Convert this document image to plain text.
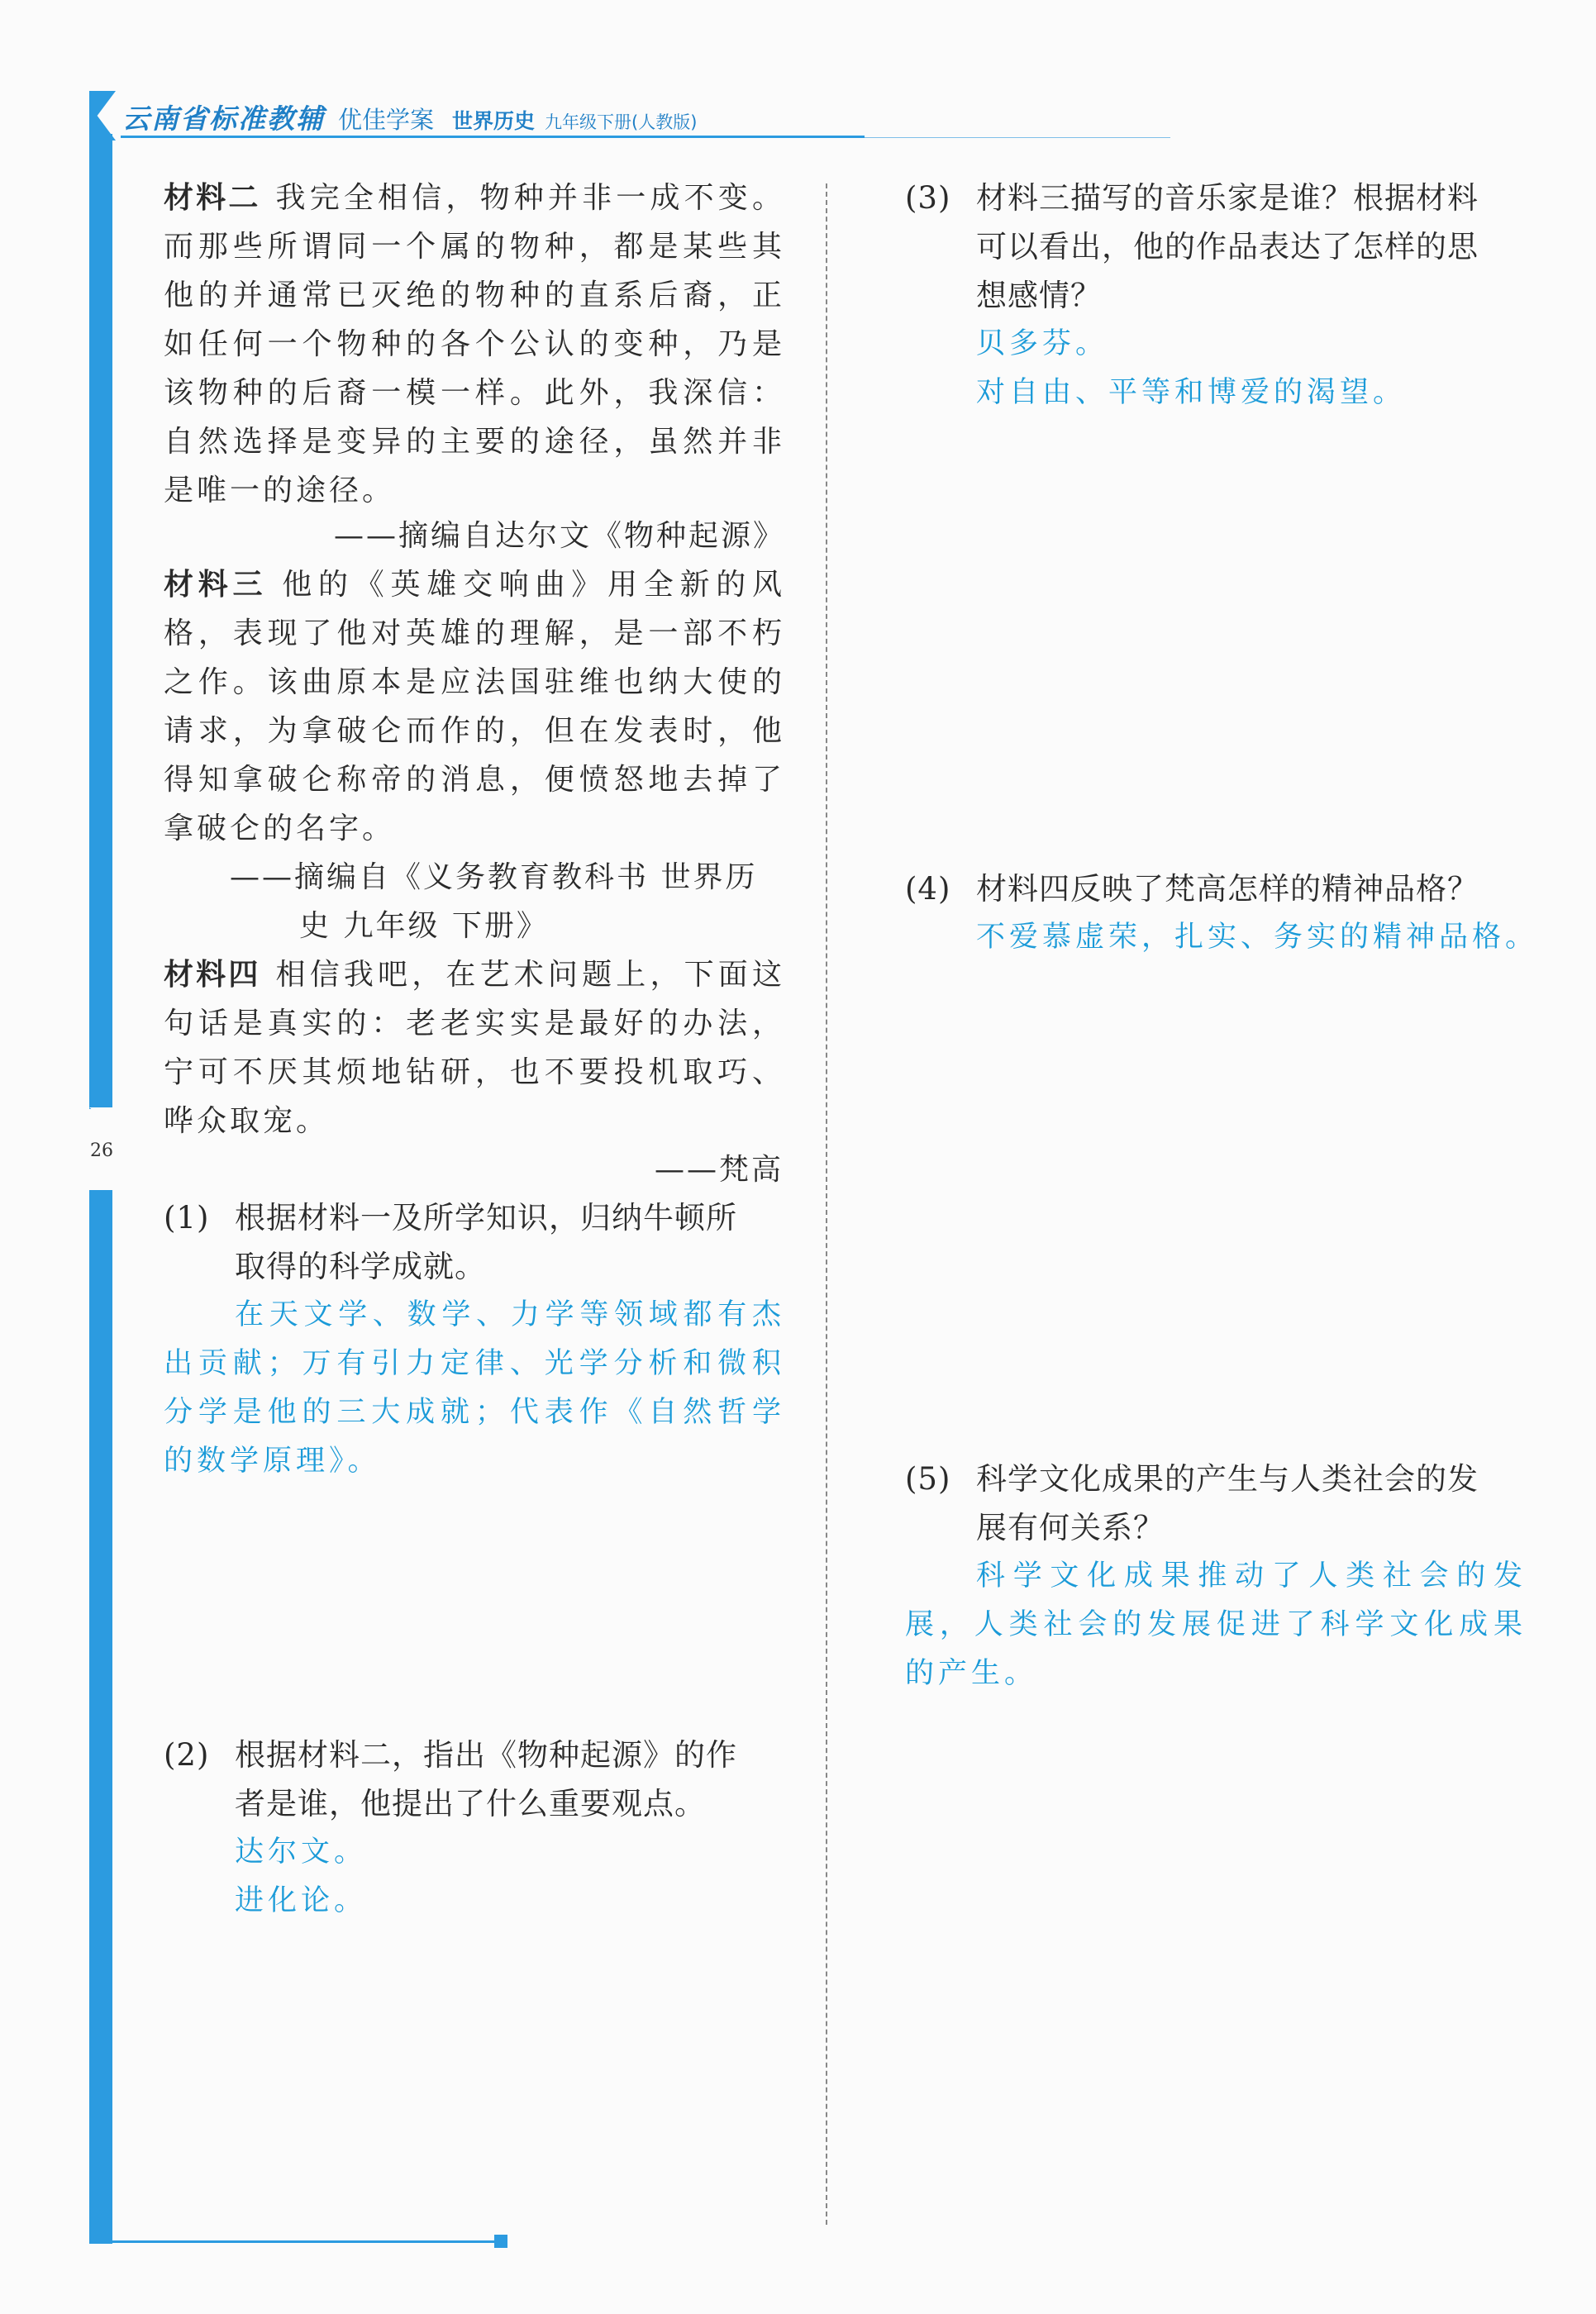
云南省标准教辅 优佳学案 世界历史 九年级下册(人教版)
26
材料二 我完全相信，物种并非一成不变。而那些所谓同一个属的物种，都是某些其他的并通常已灭绝的物种的直系后裔，正如任何一个物种的各个公认的变种，乃是该物种的后裔一模一样。此外，我深信：自然选择是变异的主要的途径，虽然并非是唯一的途径。
——摘编自达尔文《物种起源》
材料三 他的《英雄交响曲》用全新的风格，表现了他对英雄的理解，是一部不朽之作。该曲原本是应法国驻维也纳大使的请求，为拿破仑而作的，但在发表时，他得知拿破仑称帝的消息，便愤怒地去掉了拿破仑的名字。
——摘编自《义务教育教科书 世界历
史 九年级 下册》
材料四 相信我吧，在艺术问题上，下面这句话是真实的：老老实实是最好的办法，宁可不厌其烦地钻研，也不要投机取巧、哗众取宠。
——梵高
(1) 根据材料一及所学知识，归纳牛顿所
取得的科学成就。
在天文学、数学、力学等领域都有杰出贡献；万有引力定律、光学分析和微积分学是他的三大成就；代表作《自然哲学的数学原理》。
(2) 根据材料二，指出《物种起源》的作
者是谁，他提出了什么重要观点。
达尔文。
进化论。
(3) 材料三描写的音乐家是谁？根据材料
可以看出，他的作品表达了怎样的思
想感情？
贝多芬。
对自由、平等和博爱的渴望。
(4) 材料四反映了梵高怎样的精神品格？
不爱慕虚荣，扎实、务实的精神品格。
(5) 科学文化成果的产生与人类社会的发
展有何关系？
科学文化成果推动了人类社会的发展，人类社会的发展促进了科学文化成果的产生。
